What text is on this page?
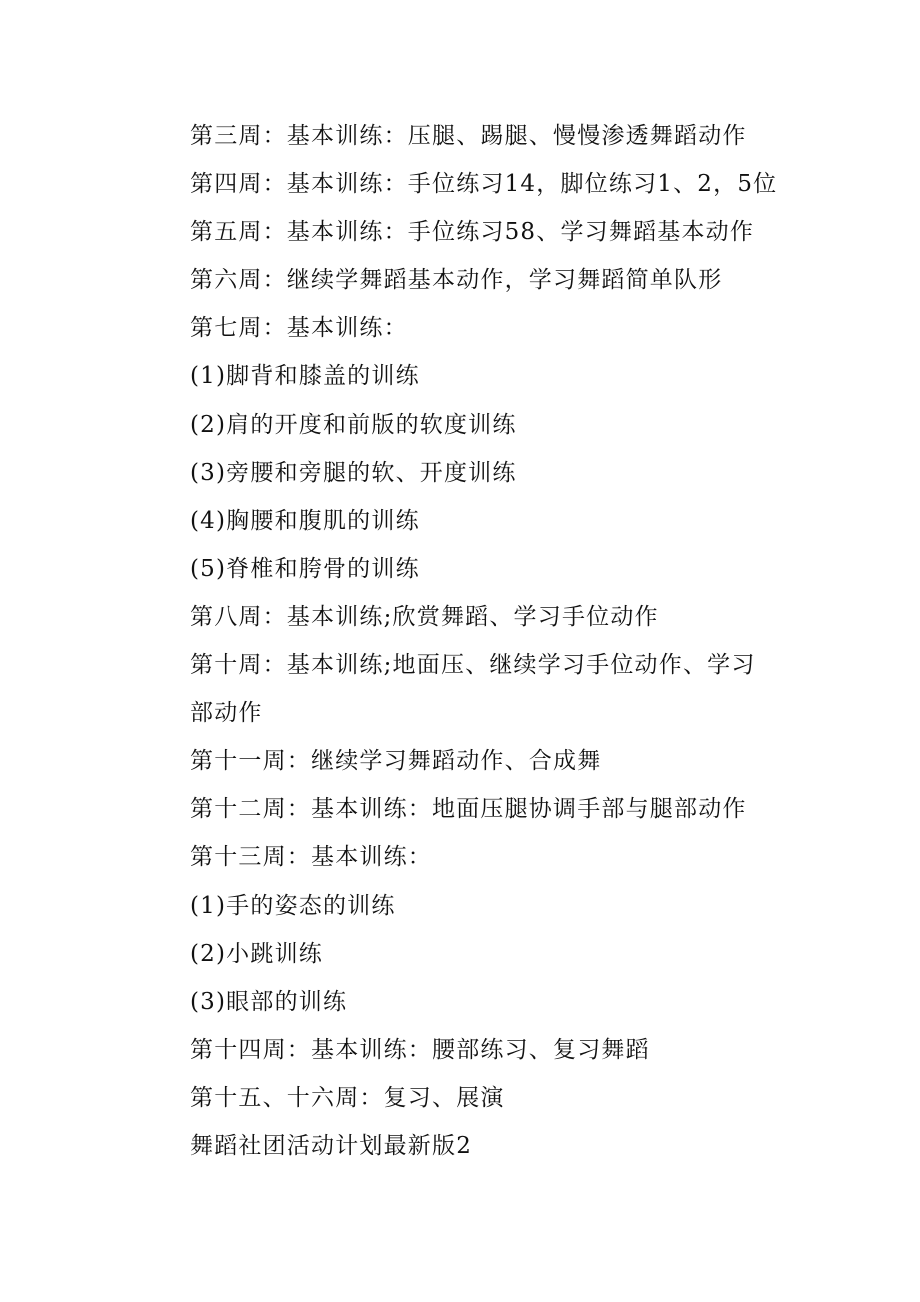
第三周：基本训练：压腿、踢腿、慢慢渗透舞蹈动作
第四周：基本训练：手位练习14，脚位练习1、2，5位
第五周：基本训练：手位练习58、学习舞蹈基本动作
第六周：继续学舞蹈基本动作，学习舞蹈简单队形
第七周：基本训练：
(1)脚背和膝盖的训练
(2)肩的开度和前版的软度训练
(3)旁腰和旁腿的软、开度训练
(4)胸腰和腹肌的训练
(5)脊椎和胯骨的训练
第八周：基本训练;欣赏舞蹈、学习手位动作
第十周：基本训练;地面压、继续学习手位动作、学习
部动作
第十一周：继续学习舞蹈动作、合成舞
第十二周：基本训练：地面压腿协调手部与腿部动作
第十三周：基本训练：
(1)手的姿态的训练
(2)小跳训练
(3)眼部的训练
第十四周：基本训练：腰部练习、复习舞蹈
第十五、十六周：复习、展演
舞蹈社团活动计划最新版2
